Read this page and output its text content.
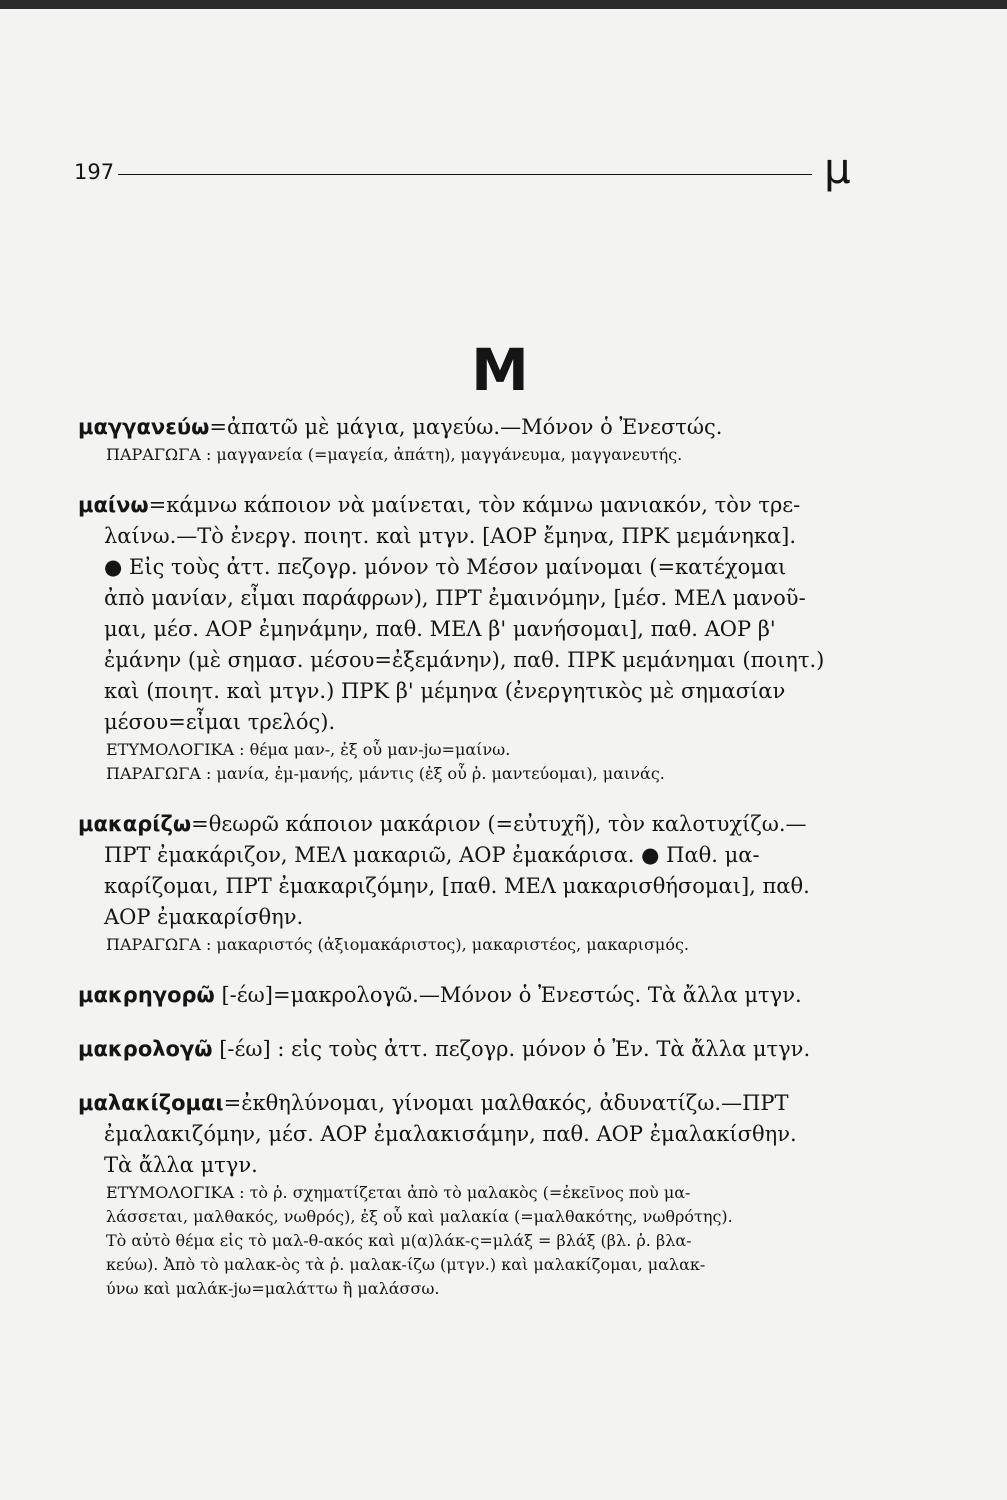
197	μ
Μ
μαγγανεύω=ἀπατῶ μὲ μάγια, μαγεύω.—Μόνον ὁ Ἐνεστώς.
ΠΑΡΑΓΩΓΑ : μαγγανεία (=μαγεία, ἀπάτη), μαγγάνευμα, μαγγανευτής.
μαίνω=κάμνω κάποιον νὰ μαίνεται, τὸν κάμνω μανιακόν, τὸν τρε-
λαίνω.—Τὸ ἐνεργ. ποιητ. καὶ μτγν. [ΑΟΡ ἔμηνα, ΠΡΚ μεμάνηκα].
● Εἰς τοὺς ἀττ. πεζογρ. μόνον τὸ Μέσον μαίνομαι (=κατέχομαι
ἀπὸ μανίαν, εἶμαι παράφρων), ΠΡΤ ἐμαινόμην, [μέσ. ΜΕΛ μανοῦ-
μαι, μέσ. ΑΟΡ ἐμηνάμην, παθ. ΜΕΛ β' μανήσομαι], παθ. ΑΟΡ β'
ἐμάνην (μὲ σημασ. μέσου=ἐξεμάνην), παθ. ΠΡΚ μεμάνημαι (ποιητ.)
καὶ (ποιητ. καὶ μτγν.) ΠΡΚ β' μέμηνα (ἐνεργητικὸς μὲ σημασίαν
μέσου=εἶμαι τρελός).
ΕΤΥΜΟΛΟΓΙΚΑ : θέμα μαν-, ἐξ οὗ μαν-jω=μαίνω.
ΠΑΡΑΓΩΓΑ : μανία, ἐμ-μανής, μάντις (ἐξ οὗ ῥ. μαντεύομαι), μαινάς.
μακαρίζω=θεωρῶ κάποιον μακάριον (=εὐτυχῆ), τὸν καλοτυχίζω.—
ΠΡΤ ἐμακάριζον, ΜΕΛ μακαριῶ, ΑΟΡ ἐμακάρισα. ● Παθ. μα-
καρίζομαι, ΠΡΤ ἐμακαριζόμην, [παθ. ΜΕΛ μακαρισθήσομαι], παθ.
ΑΟΡ ἐμακαρίσθην.
ΠΑΡΑΓΩΓΑ : μακαριστός (ἀξιομακάριστος), μακαριστέος, μακαρισμός.
μακρηγορῶ [-έω]=μακρολογῶ.—Μόνον ὁ Ἐνεστώς. Τὰ ἄλλα μτγν.
μακρολογῶ [-έω] : εἰς τοὺς ἀττ. πεζογρ. μόνον ὁ Ἐν. Τὰ ἄλλα μτγν.
μαλακίζομαι=ἐκθηλύνομαι, γίνομαι μαλθακός, ἀδυνατίζω.—ΠΡΤ
ἐμαλακιζόμην, μέσ. ΑΟΡ ἐμαλακισάμην, παθ. ΑΟΡ ἐμαλακίσθην.
Τὰ ἄλλα μτγν.
ΕΤΥΜΟΛΟΓΙΚΑ : τὸ ῥ. σχηματίζεται ἀπὸ τὸ μαλακὸς (=ἐκεῖνος ποὺ μα-
λάσσεται, μαλθακός, νωθρός), ἐξ οὗ καὶ μαλακία (=μαλθακότης, νωθρότης).
Τὸ αὐτὸ θέμα εἰς τὸ μαλ-θ-ακός καὶ μ(α)λάκ-ς=μλάξ = βλάξ (βλ. ῥ. βλα-
κεύω). Ἀπὸ τὸ μαλακ-ὸς τὰ ῥ. μαλακ-ίζω (μτγν.) καὶ μαλακίζομαι, μαλακ-
ύνω καὶ μαλάκ-jω=μαλάττω ἢ μαλάσσω.
